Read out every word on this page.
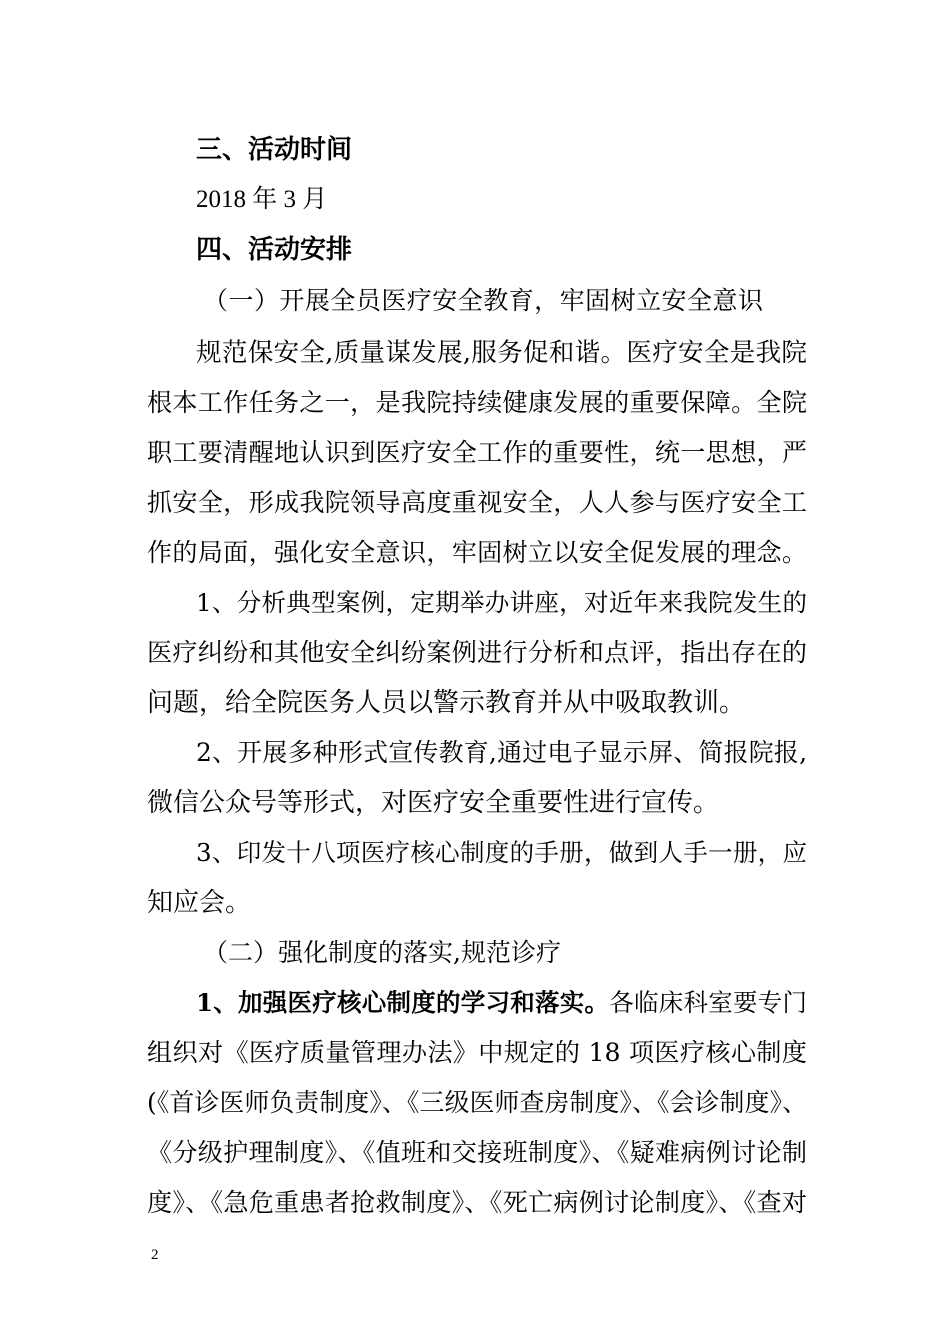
三、活动时间
2018 年 3 月
四、活动安排
（一）开展全员医疗安全教育，牢固树立安全意识
规范保安全,质量谋发展,服务促和谐。医疗安全是我院
根本工作任务之一，是我院持续健康发展的重要保障。全院
职工要清醒地认识到医疗安全工作的重要性，统一思想，严
抓安全，形成我院领导高度重视安全，人人参与医疗安全工
作的局面，强化安全意识，牢固树立以安全促发展的理念。
1、分析典型案例，定期举办讲座，对近年来我院发生的
医疗纠纷和其他安全纠纷案例进行分析和点评，指出存在的
问题，给全院医务人员以警示教育并从中吸取教训。
2、开展多种形式宣传教育,通过电子显示屏、简报院报,
微信公众号等形式，对医疗安全重要性进行宣传。
3、印发十八项医疗核心制度的手册，做到人手一册，应
知应会。
（二）强化制度的落实,规范诊疗
1、加强医疗核心制度的学习和落实。各临床科室要专门
组织对《医疗质量管理办法》中规定的 18 项医疗核心制度
(《首诊医师负责制度》、《三级医师查房制度》、《会诊制度》、
《分级护理制度》、《值班和交接班制度》、《疑难病例讨论制
度》、《急危重患者抢救制度》、《死亡病例讨论制度》、《查对
2
